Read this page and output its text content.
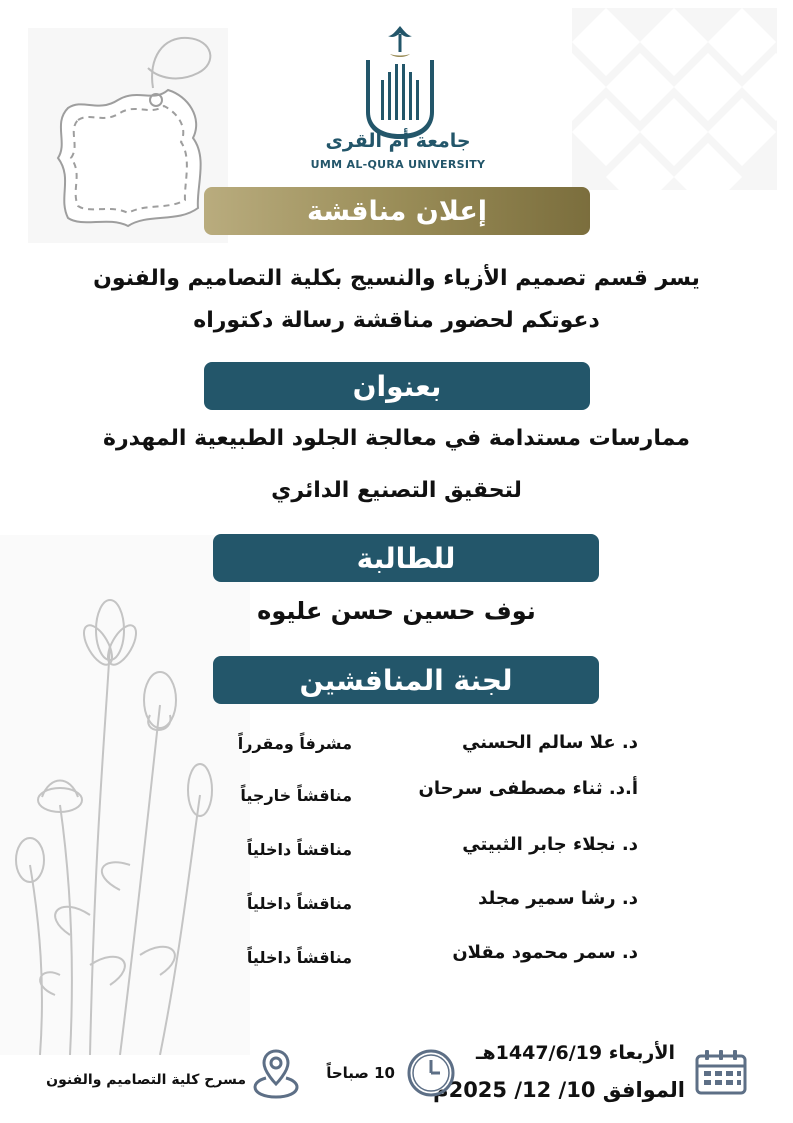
جامعة أم القرى
UMM AL-QURA UNIVERSITY
إعلان مناقشة
يسر قسم تصميم الأزياء والنسيج بكلية التصاميم والفنون
دعوتكم لحضور مناقشة رسالة دكتوراه
بعنوان
ممارسات مستدامة في معالجة الجلود الطبيعية المهدرة
لتحقيق التصنيع الدائري
للطالبة
نوف حسين حسن عليوه
لجنة المناقشين
د. علا سالم الحسني
مشرفاً ومقرراً
أ.د. ثناء مصطفى سرحان
مناقشاً خارجياً
د. نجلاء جابر الثبيتي
مناقشاً داخلياً
د. رشا سمير مجلد
مناقشاً داخلياً
د. سمر محمود مقلان
مناقشاً داخلياً
الأربعاء 1447/6/19هـ
الموافق 10/ 12/ 2025م
10 صباحاً
مسرح كلية التصاميم والفنون
